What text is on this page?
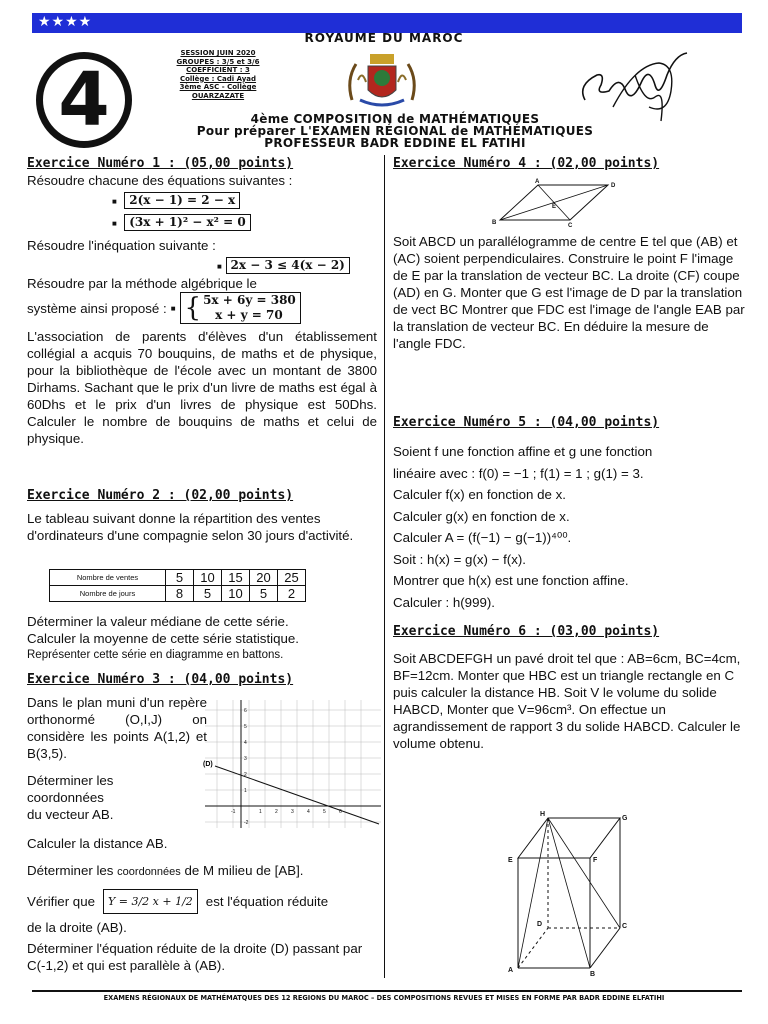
★★★★
ROYAUME DU MAROC
4
SESSION JUIN 2020
GROUPES : 3/5 et 3/6
COEFFICIENT : 3
Collège : Cadi Ayad
3ème ASC - Collège
OUARZAZATE
4ème COMPOSITION de MATHÉMATIQUES
Pour préparer L'EXAMEN RÉGIONAL de MATHÉMATIQUES
PROFESSEUR BADR EDDINE EL FATIHI
Exercice Numéro 1 : (05,00 points)
Résoudre chacune des équations suivantes :
■ 2(x − 1) = 2 − x
■ (3x + 1)² − x² = 0
Résoudre l'inéquation suivante :
■ 2x − 3 ≤ 4(x − 2)
Résoudre par la méthode algébrique le
système ainsi proposé : ■ { 5x + 6y = 380
x + y = 70
L'association de parents d'élèves d'un établissement collégial a acquis 70 bouquins, de maths et de physique, pour la bibliothèque de l'école avec un montant de 3800 Dirhams. Sachant que le prix d'un livre de maths est égal à 60Dhs et le prix d'un livres de physique est 50Dhs. Calculer le nombre de bouquins de maths et celui de physique.
Exercice Numéro 2 : (02,00 points)
Le tableau suivant donne la répartition des ventes d'ordinateurs d'une compagnie selon 30 jours d'activité.
Nombre de ventes	5	10	15	20	25
Nombre de jours	8	5	10	5	2
Déterminer la valeur médiane de cette série.
Calculer la moyenne de cette série statistique.
Représenter cette série en diagramme en battons.
Exercice Numéro 3 : (04,00 points)
Dans le plan muni d'un repère orthonormé (O,I,J) on considère les points A(1,2) et B(3,5).
Déterminer les coordonnées
du vecteur AB.	-1	1	2	3	4	5	6
6
5
4
3
2
1
-2
(D)
Calculer la distance AB.
Déterminer les coordonnées de M milieu de [AB].
Vérifier que	Y = 3/2 x + 1/2 est l'équation réduite
de la droite (AB).
Déterminer l'équation réduite de la droite (D) passant par C(-1,2) et qui est parallèle à (AB).
Exercice Numéro 4 : (02,00 points)
A
D
B	C
E
Soit ABCD un parallélogramme de centre E tel que (AB) et (AC) soient perpendiculaires. Construire le point F l'image de E par la translation de vecteur BC. La droite (CF) coupe (AD) en G. Monter que G est l'image de D par la translation de vect BC Montrer que FDC est l'image de l'angle EAB par la translation de vecteur BC. En déduire la mesure de l'angle FDC.
Exercice Numéro 5 : (04,00 points)
Soient f une fonction affine et g une fonction
linéaire avec : f(0) = −1 ; f(1) = 1 ; g(1) = 3.
Calculer f(x) en fonction de x.
Calculer g(x) en fonction de x.
Calculer A = (f(−1) − g(−1))⁴⁰⁰.
Soit : h(x) = g(x) − f(x).
Montrer que h(x) est une fonction affine.
Calculer : h(999).
Exercice Numéro 6 : (03,00 points)
Soit ABCDEFGH un pavé droit tel que : AB=6cm, BC=4cm, BF=12cm. Monter que HBC est un triangle rectangle en C puis calculer la distance HB. Soit V le volume du solide HABCD, Monter que V=96cm³. On effectue un agrandissement de rapport 3 du solide HABCD. Calculer le volume obtenu.
H
G
E	F
D	C
A
B
EXAMENS RÉGIONAUX DE MATHÉMATQUES DES 12 REGIONS DU MAROC – DES COMPOSITIONS REVUES ET MISES EN FORME PAR BADR EDDINE ELFATIHI
